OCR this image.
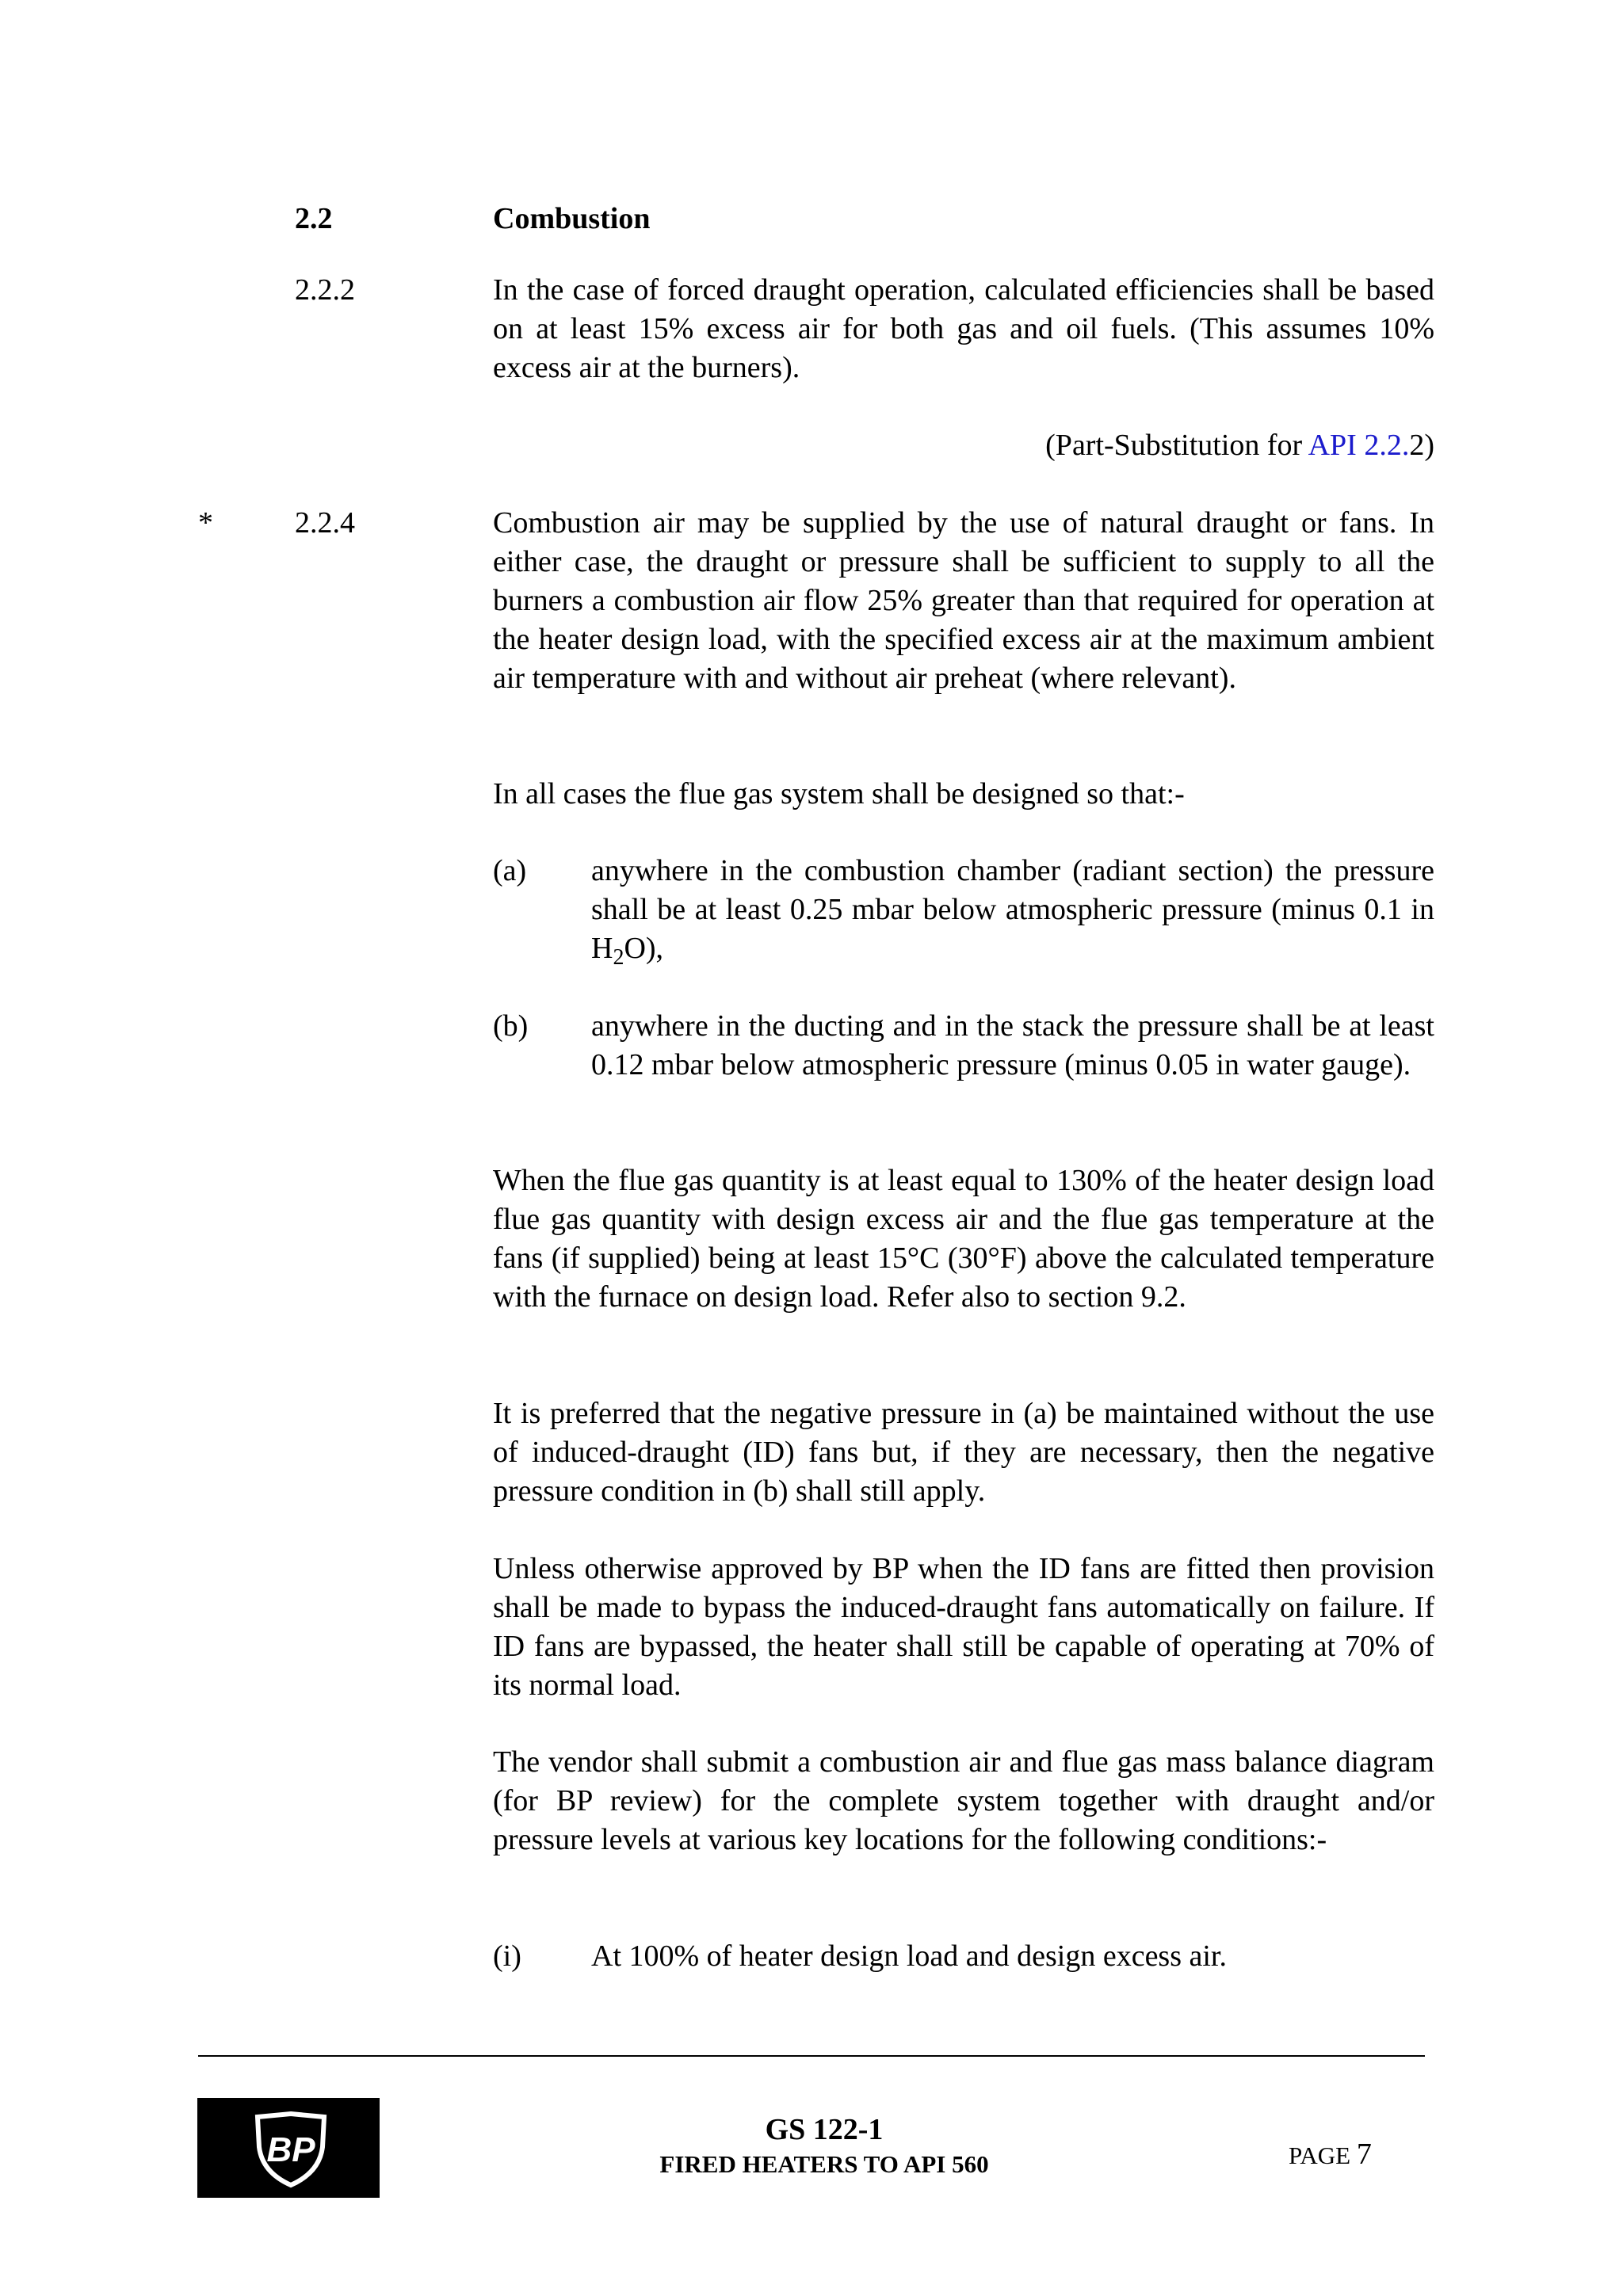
2.2	Combustion
2.2.2	In the case of forced draught operation, calculated efficiencies shall be based on at least 15% excess air for both gas and oil fuels. (This assumes 10% excess air at the burners).
(Part-Substitution for API 2.2.2)
*	2.2.4	Combustion air may be supplied by the use of natural draught or fans. In either case, the draught or pressure shall be sufficient to supply to all the burners a combustion air flow 25% greater than that required for operation at the heater design load, with the specified excess air at the maximum ambient air temperature with and without air preheat (where relevant).
In all cases the flue gas system shall be designed so that:-
(a) anywhere in the combustion chamber (radiant section) the pressure shall be at least 0.25 mbar below atmospheric pressure (minus 0.1 in $H_2O$),
(b) anywhere in the ducting and in the stack the pressure shall be at least 0.12 mbar below atmospheric pressure (minus 0.05 in water gauge).
When the flue gas quantity is at least equal to 130% of the heater design load flue gas quantity with design excess air and the flue gas temperature at the fans (if supplied) being at least 15°C (30°F) above the calculated temperature with the furnace on design load. Refer also to section 9.2.
It is preferred that the negative pressure in (a) be maintained without the use of induced-draught (ID) fans but, if they are necessary, then the negative pressure condition in (b) shall still apply.
Unless otherwise approved by BP when the ID fans are fitted then provision shall be made to bypass the induced-draught fans automatically on failure. If ID fans are bypassed, the heater shall still be capable of operating at 70% of its normal load.
The vendor shall submit a combustion air and flue gas mass balance diagram (for BP review) for the complete system together with draught and/or pressure levels at various key locations for the following conditions:-
(i) At 100% of heater design load and design excess air.
BP
GS 122-1
FIRED HEATERS TO API 560	PAGE 7
